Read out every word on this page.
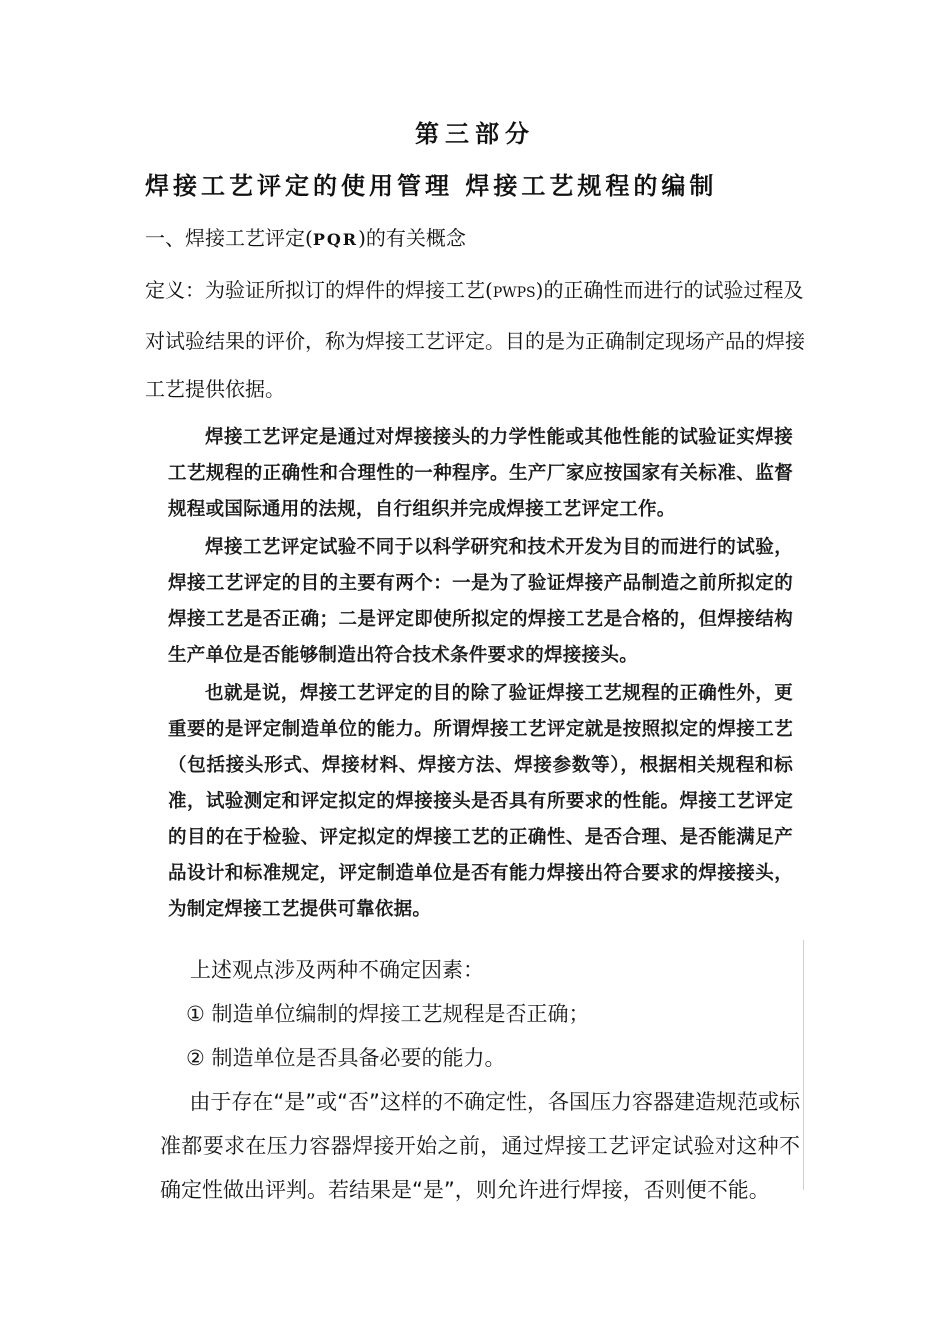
第三部分
焊接工艺评定的使用管理 焊接工艺规程的编制
一、焊接工艺评定(PQR)的有关概念
定义：为验证所拟订的焊件的焊接工艺(PWPS)的正确性而进行的试验过程及对试验结果的评价，称为焊接工艺评定。目的是为正确制定现场产品的焊接工艺提供依据。

焊接工艺评定是通过对焊接接头的力学性能或其他性能的试验证实焊接工艺规程的正确性和合理性的一种程序。生产厂家应按国家有关标准、监督规程或国际通用的法规，自行组织并完成焊接工艺评定工作。

焊接工艺评定试验不同于以科学研究和技术开发为目的而进行的试验，焊接工艺评定的目的主要有两个：一是为了验证焊接产品制造之前所拟定的焊接工艺是否正确；二是评定即使所拟定的焊接工艺是合格的，但焊接结构生产单位是否能够制造出符合技术条件要求的焊接接头。

也就是说，焊接工艺评定的目的除了验证焊接工艺规程的正确性外，更重要的是评定制造单位的能力。所谓焊接工艺评定就是按照拟定的焊接工艺（包括接头形式、焊接材料、焊接方法、焊接参数等），根据相关规程和标准，试验测定和评定拟定的焊接接头是否具有所要求的性能。焊接工艺评定的目的在于检验、评定拟定的焊接工艺的正确性、是否合理、是否能满足产品设计和标准规定，评定制造单位是否有能力焊接出符合要求的焊接接头，为制定焊接工艺提供可靠依据。

上述观点涉及两种不确定因素：

① 制造单位编制的焊接工艺规程是否正确；

② 制造单位是否具备必要的能力。

由于存在“是”或“否”这样的不确定性，各国压力容器建造规范或标准都要求在压力容器焊接开始之前，通过焊接工艺评定试验对这种不确定性做出评判。若结果是“是”，则允许进行焊接，否则便不能。
